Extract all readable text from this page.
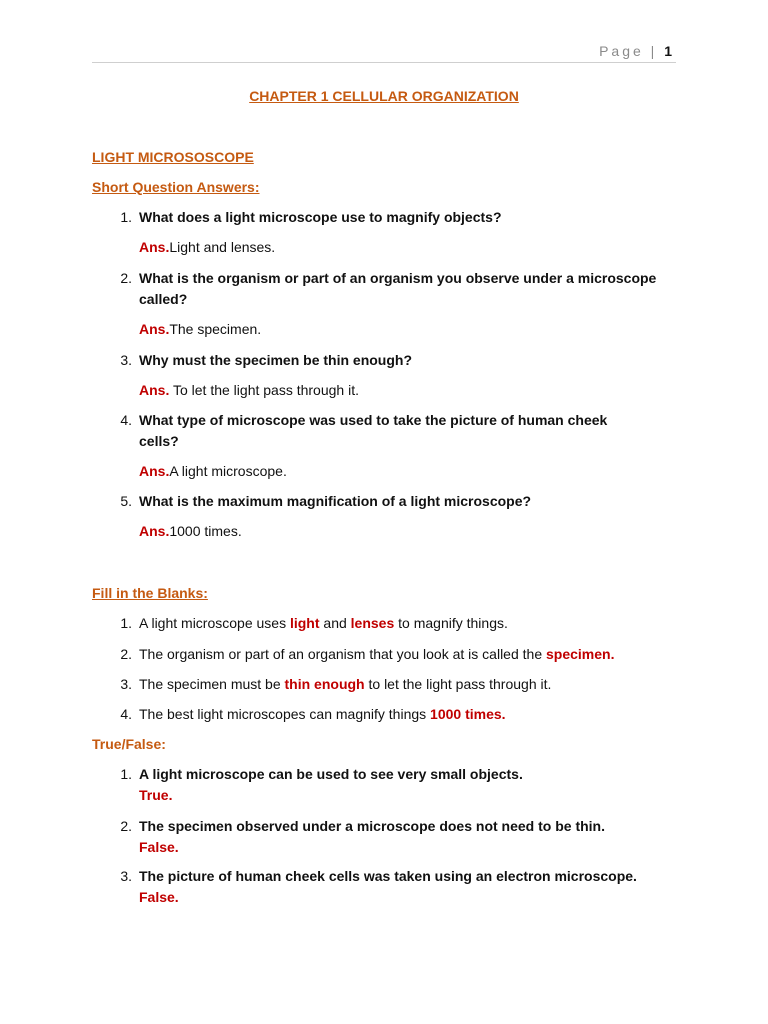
Page | 1
CHAPTER 1 CELLULAR ORGANIZATION
LIGHT MICROSOSCOPE
Short Question Answers:
1. What does a light microscope use to magnify objects?
Ans.Light and lenses.
2. What is the organism or part of an organism you observe under a microscope
called?
Ans.The specimen.
3. Why must the specimen be thin enough?
Ans. To let the light pass through it.
4. What type of microscope was used to take the picture of human cheek
cells?
Ans.A light microscope.
5. What is the maximum magnification of a light microscope?
Ans.1000 times.
Fill in the Blanks:
1. A light microscope uses light and lenses to magnify things.
2. The organism or part of an organism that you look at is called the specimen.
3. The specimen must be thin enough to let the light pass through it.
4. The best light microscopes can magnify things 1000 times.
True/False:
1. A light microscope can be used to see very small objects.
True.
2. The specimen observed under a microscope does not need to be thin.
False.
3. The picture of human cheek cells was taken using an electron microscope.
False.
